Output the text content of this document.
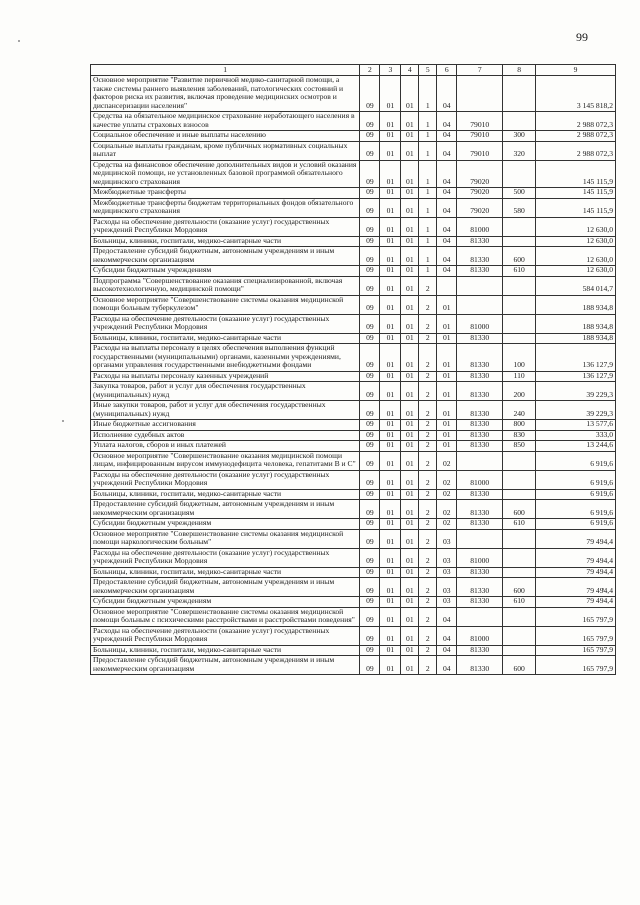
99
1	2	3	4	5	6	7	8	9
Основное мероприятие "Развитие первичной медико-санитарной помощи, а также системы раннего выявления заболеваний, патологических состояний и факторов риска их развития, включая проведение медицинских осмотров и диспансеризации населения"	09	01	01	1	04			3 145 818,2
Средства на обязательное медицинское страхование неработающего населения в качестве уплаты страховых взносов	09	01	01	1	04	79010		2 988 072,3
Социальное обеспечение и иные выплаты населению	09	01	01	1	04	79010	300	2 988 072,3
Социальные выплаты гражданам, кроме публичных нормативных социальных выплат	09	01	01	1	04	79010	320	2 988 072,3
Средства на финансовое обеспечение дополнительных видов и условий оказания медицинской помощи, не установленных базовой программой обязательного медицинского страхования	09	01	01	1	04	79020		145 115,9
Межбюджетные трансферты	09	01	01	1	04	79020	500	145 115,9
Межбюджетные трансферты бюджетам территориальных фондов обязательного медицинского страхования	09	01	01	1	04	79020	580	145 115,9
Расходы на обеспечение деятельности (оказание услуг) государственных учреждений Республики Мордовия	09	01	01	1	04	81000		12 630,0
Больницы, клиники, госпитали, медико-санитарные части	09	01	01	1	04	81330		12 630,0
Предоставление субсидий бюджетным, автономным учреждениям и иным некоммерческим организациям	09	01	01	1	04	81330	600	12 630,0
Субсидии бюджетным учреждениям	09	01	01	1	04	81330	610	12 630,0
Подпрограмма "Совершенствование оказания специализированной, включая высокотехнологичную, медицинской помощи"	09	01	01	2				584 014,7
Основное мероприятие "Совершенствование системы оказания медицинской помощи больным туберкулезом"	09	01	01	2	01			188 934,8
Расходы на обеспечение деятельности (оказание услуг) государственных учреждений Республики Мордовия	09	01	01	2	01	81000		188 934,8
Больницы, клиники, госпитали, медико-санитарные части	09	01	01	2	01	81330		188 934,8
Расходы на выплаты персоналу в целях обеспечения выполнения функций государственными (муниципальными) органами, казенными учреждениями, органами управления государственными внебюджетными фондами	09	01	01	2	01	81330	100	136 127,9
Расходы на выплаты персоналу казенных учреждений	09	01	01	2	01	81330	110	136 127,9
Закупка товаров, работ и услуг для обеспечения государственных (муниципальных) нужд	09	01	01	2	01	81330	200	39 229,3
Иные закупки товаров, работ и услуг для обеспечения государственных (муниципальных) нужд	09	01	01	2	01	81330	240	39 229,3
Иные бюджетные ассигнования	09	01	01	2	01	81330	800	13 577,6
Исполнение судебных актов	09	01	01	2	01	81330	830	333,0
Уплата налогов, сборов и иных платежей	09	01	01	2	01	81330	850	13 244,6
Основное мероприятие "Совершенствование оказания медицинской помощи лицам, инфицированным вирусом иммунодефицита человека, гепатитами В и С"	09	01	01	2	02			6 919,6
Расходы на обеспечение деятельности (оказание услуг) государственных учреждений Республики Мордовия	09	01	01	2	02	81000		6 919,6
Больницы, клиники, госпитали, медико-санитарные части	09	01	01	2	02	81330		6 919,6
Предоставление субсидий бюджетным, автономным учреждениям и иным некоммерческим организациям	09	01	01	2	02	81330	600	6 919,6
Субсидии бюджетным учреждениям	09	01	01	2	02	81330	610	6 919,6
Основное мероприятие "Совершенствование системы оказания медицинской помощи наркологическим больным"	09	01	01	2	03			79 494,4
Расходы на обеспечение деятельности (оказание услуг) государственных учреждений Республики Мордовия	09	01	01	2	03	81000		79 494,4
Больницы, клиники, госпитали, медико-санитарные части	09	01	01	2	03	81330		79 494,4
Предоставление субсидий бюджетным, автономным учреждениям и иным некоммерческим организациям	09	01	01	2	03	81330	600	79 494,4
Субсидии бюджетным учреждениям	09	01	01	2	03	81330	610	79 494,4
Основное мероприятие "Совершенствование системы оказания медицинской помощи больным с психическими расстройствами и расстройствами поведения"	09	01	01	2	04			165 797,9
Расходы на обеспечение деятельности (оказание услуг) государственных учреждений Республики Мордовия	09	01	01	2	04	81000		165 797,9
Больницы, клиники, госпитали, медико-санитарные части	09	01	01	2	04	81330		165 797,9
Предоставление субсидий бюджетным, автономным учреждениям и иным некоммерческим организациям	09	01	01	2	04	81330	600	165 797,9
